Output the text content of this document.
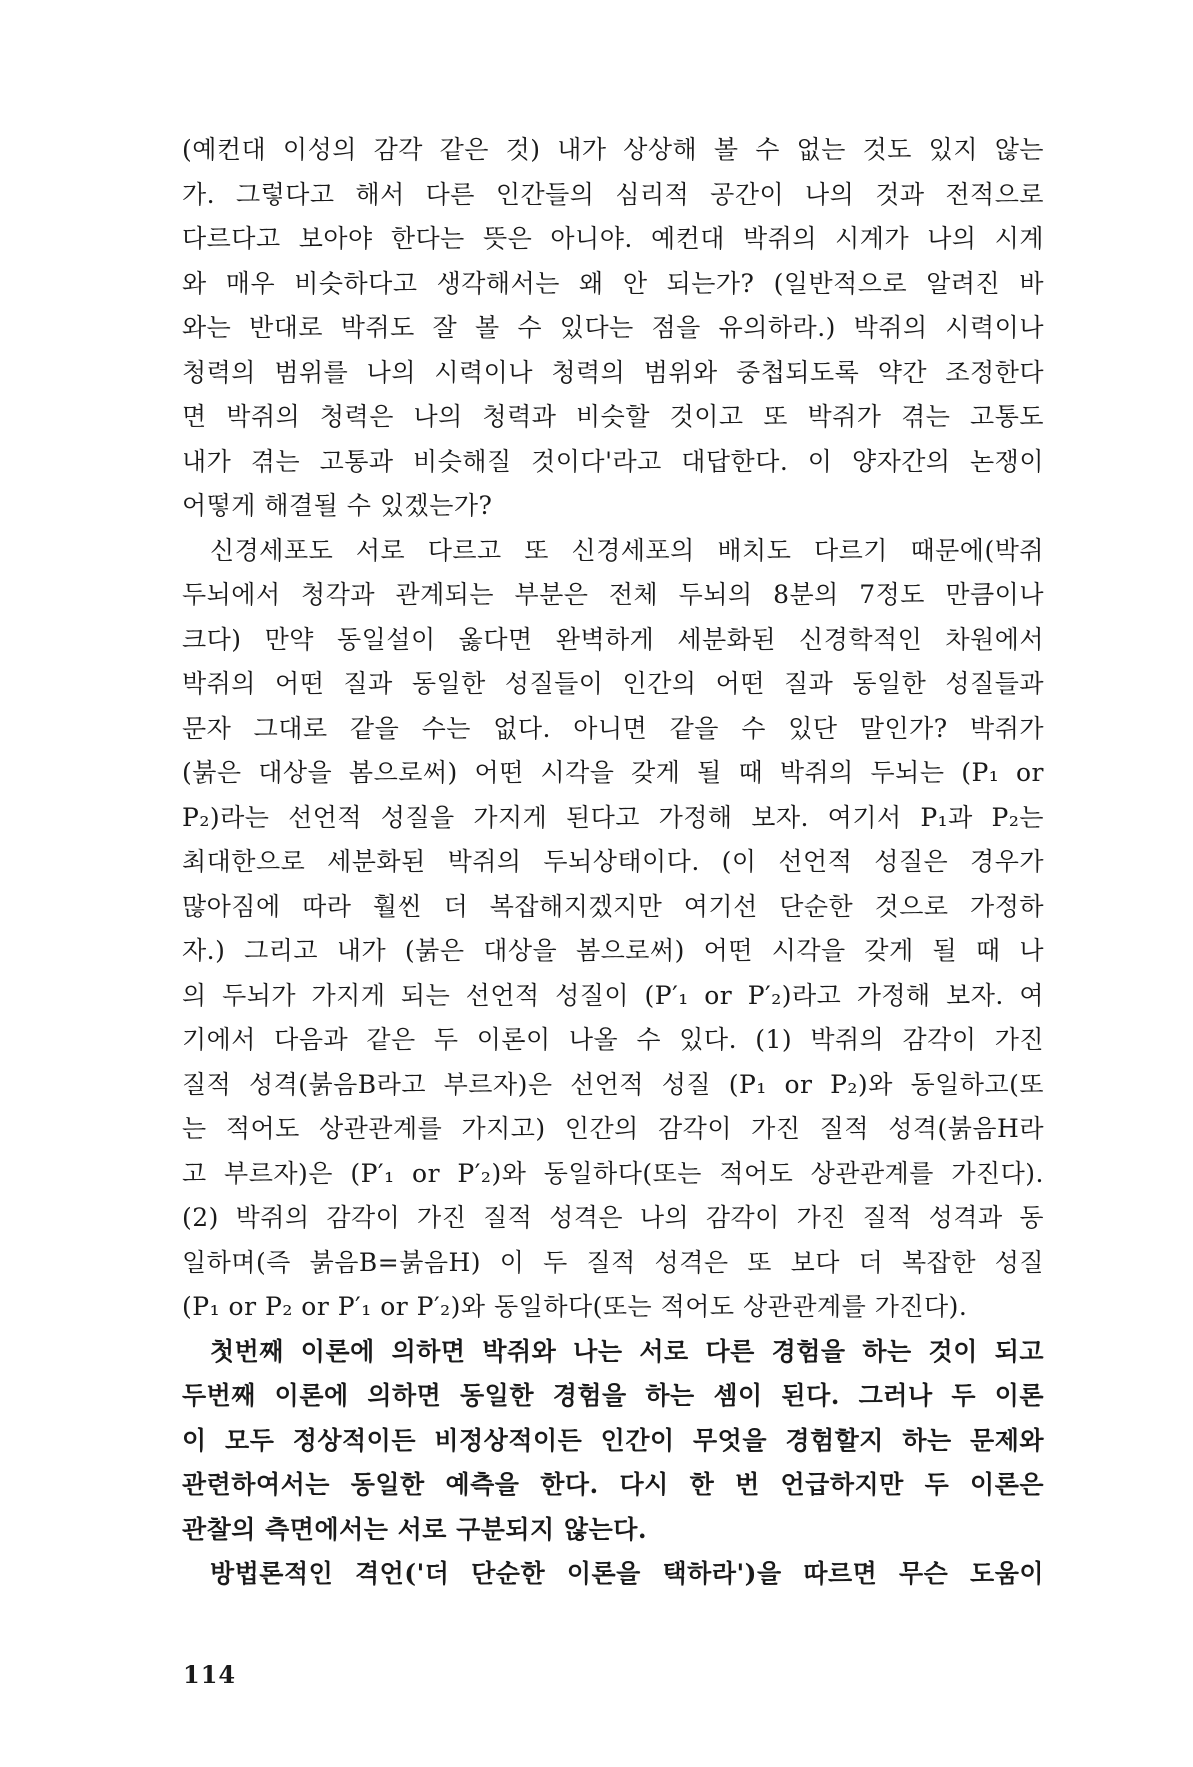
(예컨대 이성의 감각 같은 것) 내가 상상해 볼 수 없는 것도 있지 않는
가. 그렇다고 해서 다른 인간들의 심리적 공간이 나의 것과 전적으로
다르다고 보아야 한다는 뜻은 아니야. 예컨대 박쥐의 시계가 나의 시계
와 매우 비슷하다고 생각해서는 왜 안 되는가? (일반적으로 알려진 바
와는 반대로 박쥐도 잘 볼 수 있다는 점을 유의하라.) 박쥐의 시력이나
청력의 범위를 나의 시력이나 청력의 범위와 중첩되도록 약간 조정한다
면 박쥐의 청력은 나의 청력과 비슷할 것이고 또 박쥐가 겪는 고통도
내가 겪는 고통과 비슷해질 것이다'라고 대답한다. 이 양자간의 논쟁이
어떻게 해결될 수 있겠는가?
신경세포도 서로 다르고 또 신경세포의 배치도 다르기 때문에(박쥐
두뇌에서 청각과 관계되는 부분은 전체 두뇌의 8분의 7정도 만큼이나
크다) 만약 동일설이 옳다면 완벽하게 세분화된 신경학적인 차원에서
박쥐의 어떤 질과 동일한 성질들이 인간의 어떤 질과 동일한 성질들과
문자 그대로 같을 수는 없다. 아니면 같을 수 있단 말인가? 박쥐가
(붉은 대상을 봄으로써) 어떤 시각을 갖게 될 때 박쥐의 두뇌는 (P₁ or
P₂)라는 선언적 성질을 가지게 된다고 가정해 보자. 여기서 P₁과 P₂는
최대한으로 세분화된 박쥐의 두뇌상태이다. (이 선언적 성질은 경우가
많아짐에 따라 훨씬 더 복잡해지겠지만 여기선 단순한 것으로 가정하
자.) 그리고 내가 (붉은 대상을 봄으로써) 어떤 시각을 갖게 될 때 나
의 두뇌가 가지게 되는 선언적 성질이 (P′₁ or P′₂)라고 가정해 보자. 여
기에서 다음과 같은 두 이론이 나올 수 있다. (1) 박쥐의 감각이 가진
질적 성격(붉음B라고 부르자)은 선언적 성질 (P₁ or P₂)와 동일하고(또
는 적어도 상관관계를 가지고) 인간의 감각이 가진 질적 성격(붉음H라
고 부르자)은 (P′₁ or P′₂)와 동일하다(또는 적어도 상관관계를 가진다).
(2) 박쥐의 감각이 가진 질적 성격은 나의 감각이 가진 질적 성격과 동
일하며(즉 붉음B=붉음H) 이 두 질적 성격은 또 보다 더 복잡한 성질
(P₁ or P₂ or P′₁ or P′₂)와 동일하다(또는 적어도 상관관계를 가진다).
첫번째 이론에 의하면 박쥐와 나는 서로 다른 경험을 하는 것이 되고
두번째 이론에 의하면 동일한 경험을 하는 셈이 된다. 그러나 두 이론
이 모두 정상적이든 비정상적이든 인간이 무엇을 경험할지 하는 문제와
관련하여서는 동일한 예측을 한다. 다시 한 번 언급하지만 두 이론은
관찰의 측면에서는 서로 구분되지 않는다.
방법론적인 격언('더 단순한 이론을 택하라')을 따르면 무슨 도움이
114
